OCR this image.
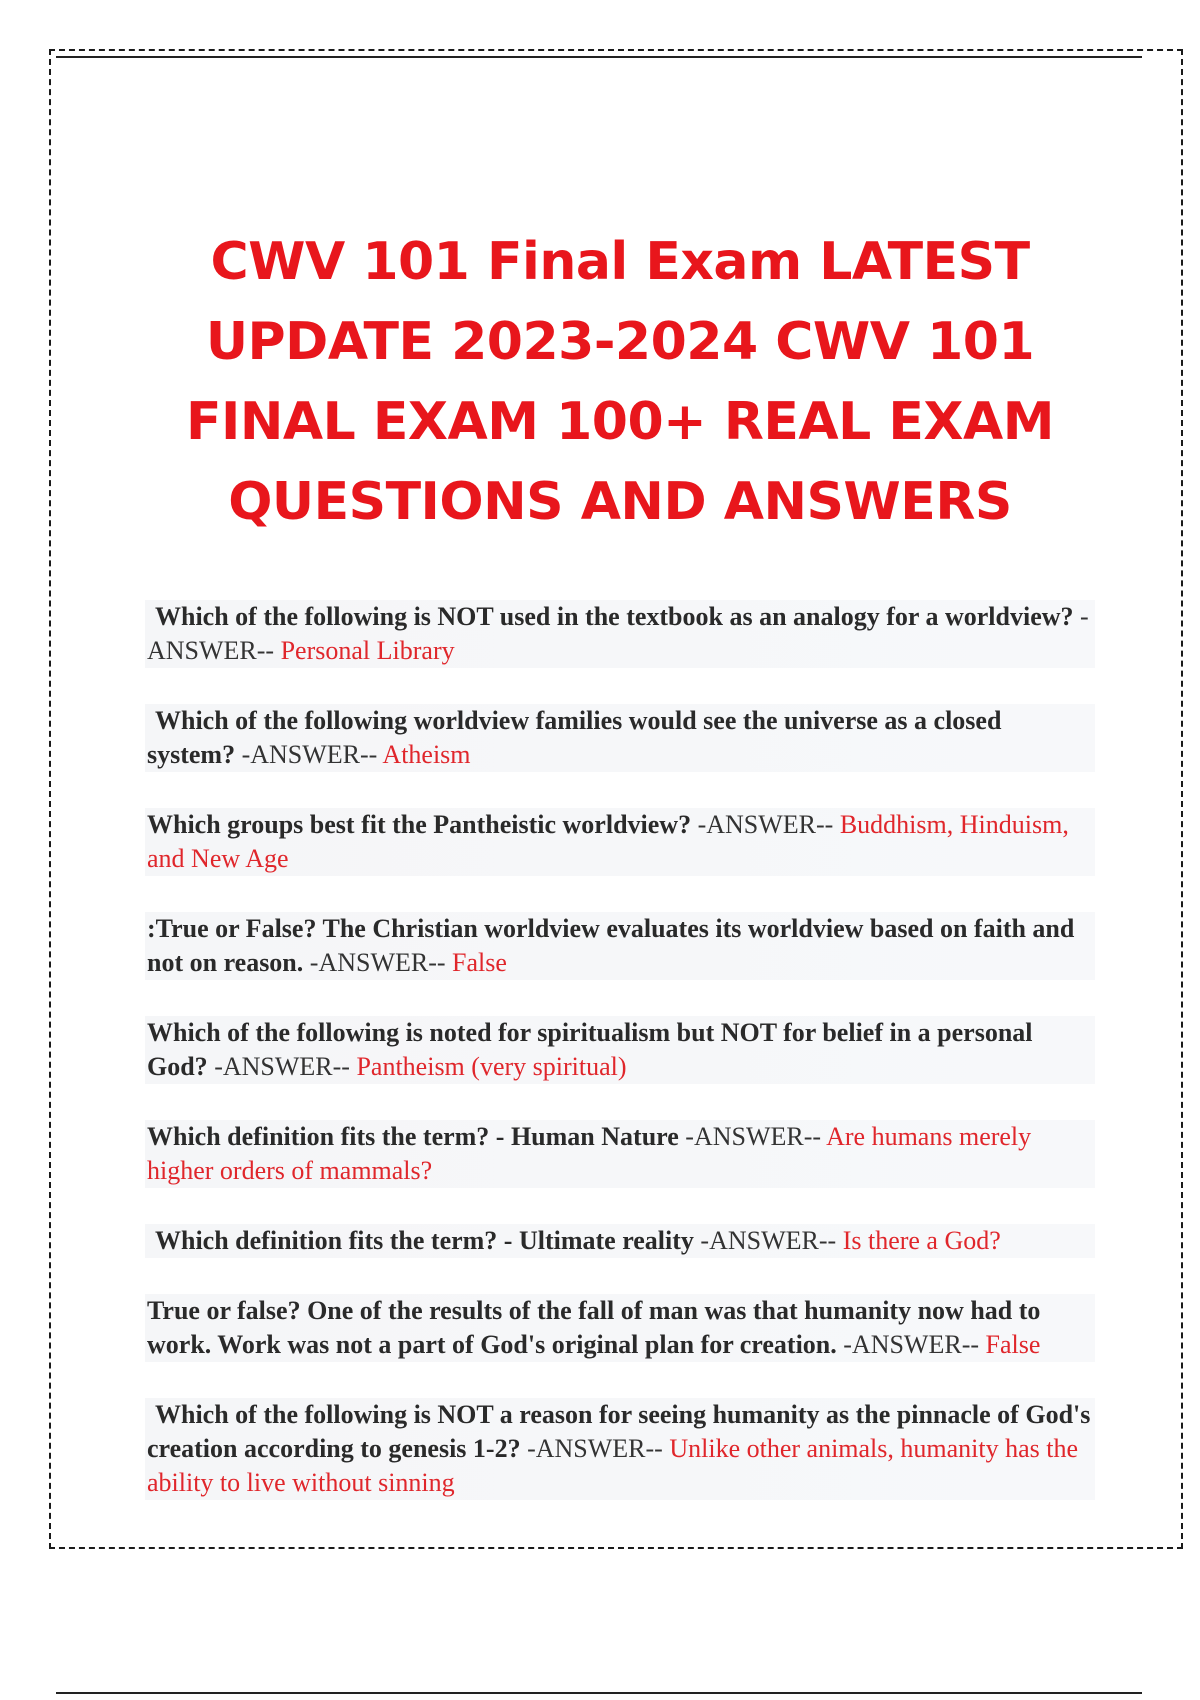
CWV 101 Final Exam LATEST
UPDATE 2023-2024 CWV 101
FINAL EXAM 100+ REAL EXAM
QUESTIONS AND ANSWERS
Which of the following is NOT used in the textbook as an analogy for a worldview? -ANSWER-- Personal Library
Which of the following worldview families would see the universe as a closed system? -ANSWER-- Atheism
Which groups best fit the Pantheistic worldview? -ANSWER-- Buddhism, Hinduism, and New Age
:True or False? The Christian worldview evaluates its worldview based on faith and not on reason. -ANSWER-- False
Which of the following is noted for spiritualism but NOT for belief in a personal God? -ANSWER-- Pantheism (very spiritual)
Which definition fits the term? - Human Nature -ANSWER-- Are humans merely higher orders of mammals?
Which definition fits the term? - Ultimate reality -ANSWER-- Is there a God?
True or false? One of the results of the fall of man was that humanity now had to work. Work was not a part of God's original plan for creation. -ANSWER-- False
Which of the following is NOT a reason for seeing humanity as the pinnacle of God's creation according to genesis 1-2? -ANSWER-- Unlike other animals, humanity has the ability to live without sinning
